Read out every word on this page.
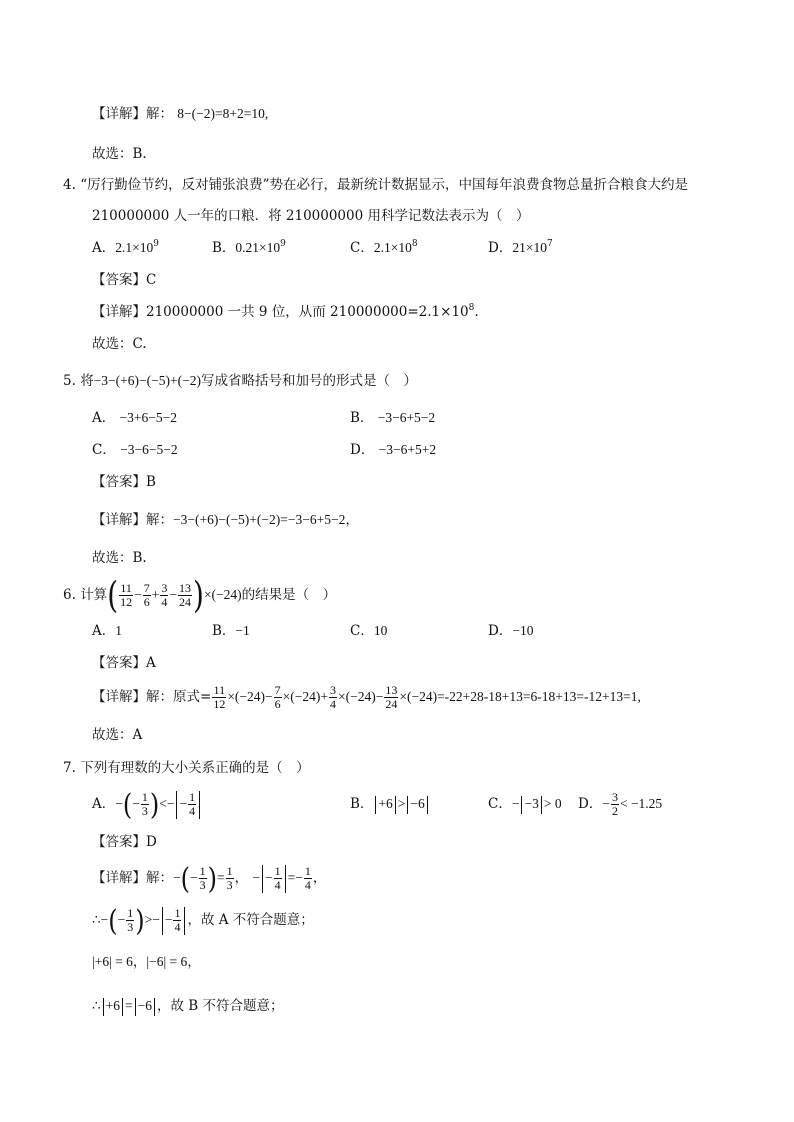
【详解】解： 8−(−2)=8+2=10,
故选：B.
4. “厉行勤俭节约，反对铺张浪费”势在必行，最新统计数据显示，中国每年浪费食物总量折合粮食大约是
210000000 人一年的口粮．将 210000000 用科学记数法表示为（　）
A．$2.1\times 10^9$	B．$0.21\times 10^9$	C．$2.1\times 10^8$	D．$21\times 10^7$
【答案】C
【详解】210000000 一共 9 位，从而 $210000000=2.1\times 10^8$.
故选：C.
5. 将−3−(+6)−(−5)+(−2)写成省略括号和加号的形式是（　）
A． −3+6−5−2	B． −3−6+5−2
C． −3−6−5−2	D． −3−6+5+2
【答案】B
【详解】解：−3−(+6)−(−5)+(−2)=−3−6+5−2，
故选：B.
6. 计算( $\frac{11}{12} - \frac{7}{6} + \frac{3}{4} - \frac{13}{24} )\times(-24)$的结果是（　）
A．1	B．−1	C．10	D．−10
【答案】A
【详解】解：原式= $\frac{11}{12} \times(-24)- \frac{7}{6} \times(-24)+ \frac{3}{4} \times(-24)- \frac{13}{24} \times(-24)=-22+28-18+13=6-18+13=-12+13=1$,
故选：A
7. 下列有理数的大小关系正确的是（　）
A．−(− $\frac{1}{3}$ )<− − $\frac{1}{4}$	B． +6 > −6	C．− −3 > 0 D．− $\frac{3}{2} < -1.25$
【答案】D
【详解】解：−(− $\frac{1}{3}$ )= $\frac{1}{3}$ ， − − $\frac{1}{4} =- \frac{1}{4}$ ，
∴−(− $\frac{1}{3}$ )>− − $\frac{1}{4}$ ，故 A 不符合题意；
|+6| = 6，|−6| = 6，
∴ +6 = −6 ，故 B 不符合题意；
